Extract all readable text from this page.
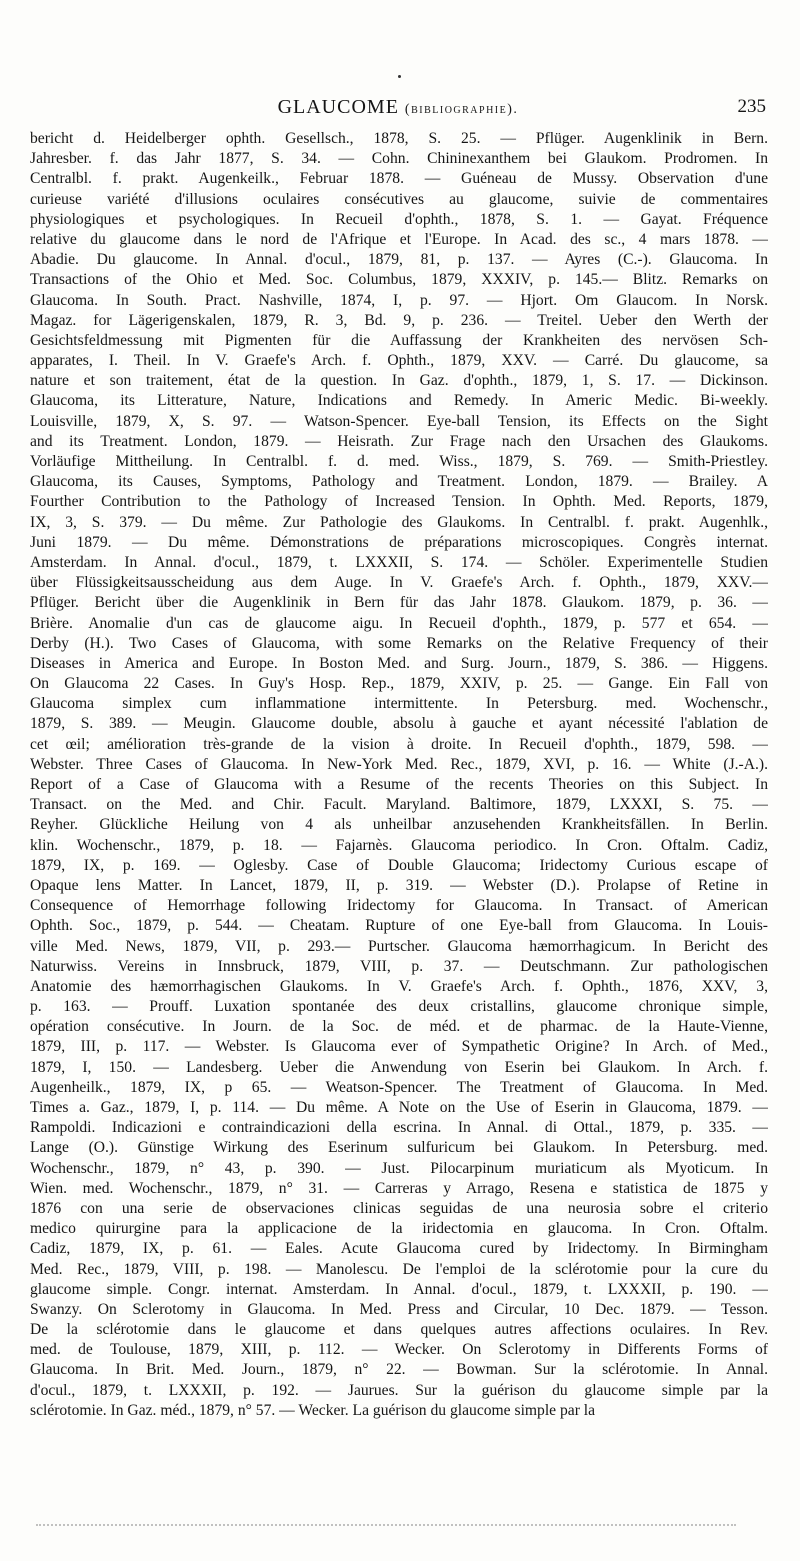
GLAUCOME (bibliographie).	235
bericht d. Heidelberger ophth. Gesellsch., 1878, S. 25. — Pflüger. Augenklinik in Bern.
Jahresber. f. das Jahr 1877, S. 34. — Cohn. Chininexanthem bei Glaukom. Prodromen. In
Centralbl. f. prakt. Augenkeilk., Februar 1878. — Guéneau de Mussy. Observation d'une
curieuse variété d'illusions oculaires consécutives au glaucome, suivie de commentaires
physiologiques et psychologiques. In Recueil d'ophth., 1878, S. 1. — Gayat. Fréquence
relative du glaucome dans le nord de l'Afrique et l'Europe. In Acad. des sc., 4 mars 1878. —
Abadie. Du glaucome. In Annal. d'ocul., 1879, 81, p. 137. — Ayres (C.-). Glaucoma. In
Transactions of the Ohio et Med. Soc. Columbus, 1879, XXXIV, p. 145.— Blitz. Remarks on
Glaucoma. In South. Pract. Nashville, 1874, I, p. 97. — Hjort. Om Glaucom. In Norsk.
Magaz. for Lägerigenskalen, 1879, R. 3, Bd. 9, p. 236. — Treitel. Ueber den Werth der
Gesichtsfeldmessung mit Pigmenten für die Auffassung der Krankheiten des nervösen Sch-
apparates, I. Theil. In V. Graefe's Arch. f. Ophth., 1879, XXV. — Carré. Du glaucome, sa
nature et son traitement, état de la question. In Gaz. d'ophth., 1879, 1, S. 17. — Dickinson.
Glaucoma, its Litterature, Nature, Indications and Remedy. In Americ Medic. Bi-weekly.
Louisville, 1879, X, S. 97. — Watson-Spencer. Eye-ball Tension, its Effects on the Sight
and its Treatment. London, 1879. — Heisrath. Zur Frage nach den Ursachen des Glaukoms.
Vorläufige Mittheilung. In Centralbl. f. d. med. Wiss., 1879, S. 769. — Smith-Priestley.
Glaucoma, its Causes, Symptoms, Pathology and Treatment. London, 1879. — Brailey. A
Fourther Contribution to the Pathology of Increased Tension. In Ophth. Med. Reports, 1879,
IX, 3, S. 379. — Du même. Zur Pathologie des Glaukoms. In Centralbl. f. prakt. Augenhlk.,
Juni 1879. — Du même. Démonstrations de préparations microscopiques. Congrès internat.
Amsterdam. In Annal. d'ocul., 1879, t. LXXXII, S. 174. — Schöler. Experimentelle Studien
über Flüssigkeitsausscheidung aus dem Auge. In V. Graefe's Arch. f. Ophth., 1879, XXV.—
Pflüger. Bericht über die Augenklinik in Bern für das Jahr 1878. Glaukom. 1879, p. 36. —
Brière. Anomalie d'un cas de glaucome aigu. In Recueil d'ophth., 1879, p. 577 et 654. —
Derby (H.). Two Cases of Glaucoma, with some Remarks on the Relative Frequency of their
Diseases in America and Europe. In Boston Med. and Surg. Journ., 1879, S. 386. — Higgens.
On Glaucoma 22 Cases. In Guy's Hosp. Rep., 1879, XXIV, p. 25. — Gange. Ein Fall von
Glaucoma simplex cum inflammatione intermittente. In Petersburg. med. Wochenschr.,
1879, S. 389. — Meugin. Glaucome double, absolu à gauche et ayant nécessité l'ablation de
cet œil; amélioration très-grande de la vision à droite. In Recueil d'ophth., 1879, 598. —
Webster. Three Cases of Glaucoma. In New-York Med. Rec., 1879, XVI, p. 16. — White (J.-A.).
Report of a Case of Glaucoma with a Resume of the recents Theories on this Subject. In
Transact. on the Med. and Chir. Facult. Maryland. Baltimore, 1879, LXXXI, S. 75. —
Reyher. Glückliche Heilung von 4 als unheilbar anzusehenden Krankheitsfällen. In Berlin.
klin. Wochenschr., 1879, p. 18. — Fajarnès. Glaucoma periodico. In Cron. Oftalm. Cadiz,
1879, IX, p. 169. — Oglesby. Case of Double Glaucoma; Iridectomy Curious escape of
Opaque lens Matter. In Lancet, 1879, II, p. 319. — Webster (D.). Prolapse of Retine in
Consequence of Hemorrhage following Iridectomy for Glaucoma. In Transact. of American
Ophth. Soc., 1879, p. 544. — Cheatam. Rupture of one Eye-ball from Glaucoma. In Louis-
ville Med. News, 1879, VII, p. 293.— Purtscher. Glaucoma hæmorrhagicum. In Bericht des
Naturwiss. Vereins in Innsbruck, 1879, VIII, p. 37. — Deutschmann. Zur pathologischen
Anatomie des hæmorrhagischen Glaukoms. In V. Graefe's Arch. f. Ophth., 1876, XXV, 3,
p. 163. — Prouff. Luxation spontanée des deux cristallins, glaucome chronique simple,
opération consécutive. In Journ. de la Soc. de méd. et de pharmac. de la Haute-Vienne,
1879, III, p. 117. — Webster. Is Glaucoma ever of Sympathetic Origine? In Arch. of Med.,
1879, I, 150. — Landesberg. Ueber die Anwendung von Eserin bei Glaukom. In Arch. f.
Augenheilk., 1879, IX, p 65. — Weatson-Spencer. The Treatment of Glaucoma. In Med.
Times a. Gaz., 1879, I, p. 114. — Du même. A Note on the Use of Eserin in Glaucoma, 1879. —
Rampoldi. Indicazioni e contraindicazioni della escrina. In Annal. di Ottal., 1879, p. 335. —
Lange (O.). Günstige Wirkung des Eserinum sulfuricum bei Glaukom. In Petersburg. med.
Wochenschr., 1879, n° 43, p. 390. — Just. Pilocarpinum muriaticum als Myoticum. In
Wien. med. Wochenschr., 1879, n° 31. — Carreras y Arrago, Resena e statistica de 1875 y
1876 con una serie de observaciones clinicas seguidas de una neurosia sobre el criterio
medico quirurgine para la applicacione de la iridectomia en glaucoma. In Cron. Oftalm.
Cadiz, 1879, IX, p. 61. — Eales. Acute Glaucoma cured by Iridectomy. In Birmingham
Med. Rec., 1879, VIII, p. 198. — Manolescu. De l'emploi de la sclérotomie pour la cure du
glaucome simple. Congr. internat. Amsterdam. In Annal. d'ocul., 1879, t. LXXXII, p. 190. —
Swanzy. On Sclerotomy in Glaucoma. In Med. Press and Circular, 10 Dec. 1879. — Tesson.
De la sclérotomie dans le glaucome et dans quelques autres affections oculaires. In Rev.
med. de Toulouse, 1879, XIII, p. 112. — Wecker. On Sclerotomy in Differents Forms of
Glaucoma. In Brit. Med. Journ., 1879, n° 22. — Bowman. Sur la sclérotomie. In Annal.
d'ocul., 1879, t. LXXXII, p. 192. — Jaurues. Sur la guérison du glaucome simple par la
sclérotomie. In Gaz. méd., 1879, n° 57. — Wecker. La guérison du glaucome simple par la
